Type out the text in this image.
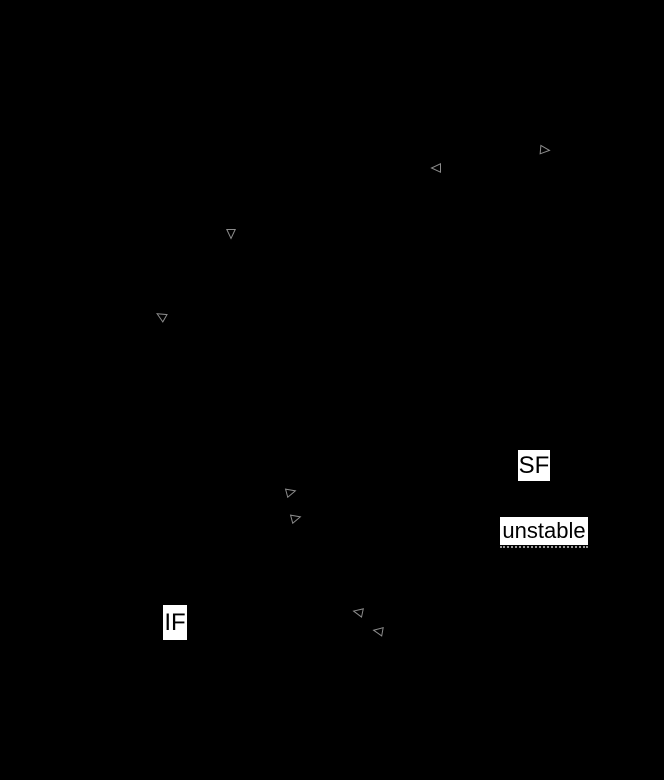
SF
unstable
IF
